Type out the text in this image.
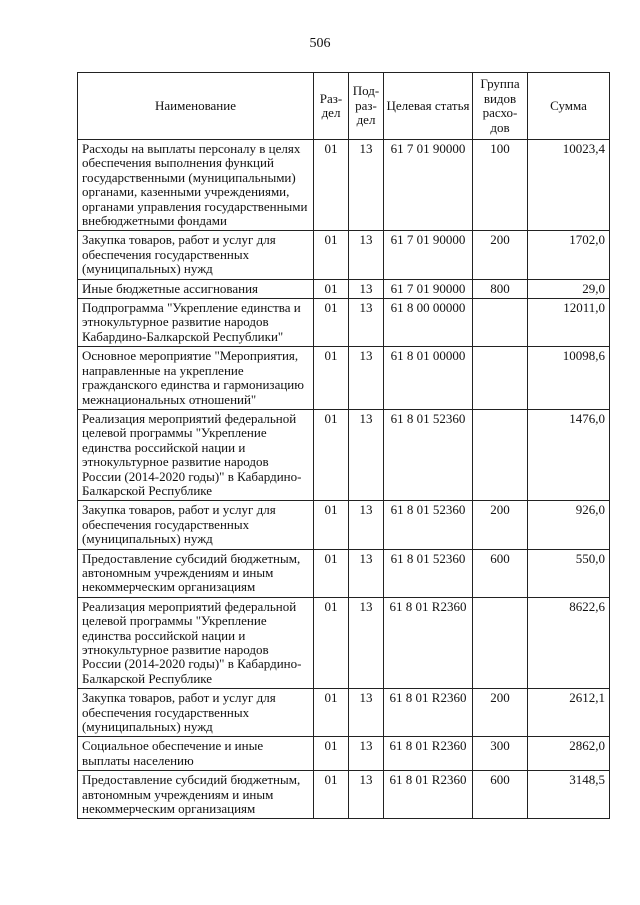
506
Наименование	Раз-дел	Под-раз-дел	Целевая статья	Группа видов расхо-дов	Сумма
Расходы на выплаты персоналу в целях обеспечения выполнения функций государственными (муниципальными) органами, казенными учреждениями, органами управления государственными внебюджетными фондами	01	13	61 7 01 90000	100	10023,4
Закупка товаров, работ и услуг для обеспечения государственных (муниципальных) нужд	01	13	61 7 01 90000	200	1702,0
Иные бюджетные ассигнования	01	13	61 7 01 90000	800	29,0
Подпрограмма "Укрепление единства и этнокультурное развитие народов Кабардино-Балкарской Республики"	01	13	61 8 00 00000		12011,0
Основное мероприятие "Мероприятия, направленные на укрепление гражданского единства и гармонизацию межнациональных отношений"	01	13	61 8 01 00000		10098,6
Реализация мероприятий федеральной целевой программы "Укрепление единства российской нации и этнокультурное развитие народов России (2014-2020 годы)" в Кабардино-Балкарской Республике	01	13	61 8 01 52360		1476,0
Закупка товаров, работ и услуг для обеспечения государственных (муниципальных) нужд	01	13	61 8 01 52360	200	926,0
Предоставление субсидий бюджетным, автономным учреждениям и иным некоммерческим организациям	01	13	61 8 01 52360	600	550,0
Реализация мероприятий федеральной целевой программы "Укрепление единства российской нации и этнокультурное развитие народов России (2014-2020 годы)" в Кабардино-Балкарской Республике	01	13	61 8 01 R2360		8622,6
Закупка товаров, работ и услуг для обеспечения государственных (муниципальных) нужд	01	13	61 8 01 R2360	200	2612,1
Социальное обеспечение и иные выплаты населению	01	13	61 8 01 R2360	300	2862,0
Предоставление субсидий бюджетным, автономным учреждениям и иным некоммерческим организациям	01	13	61 8 01 R2360	600	3148,5
